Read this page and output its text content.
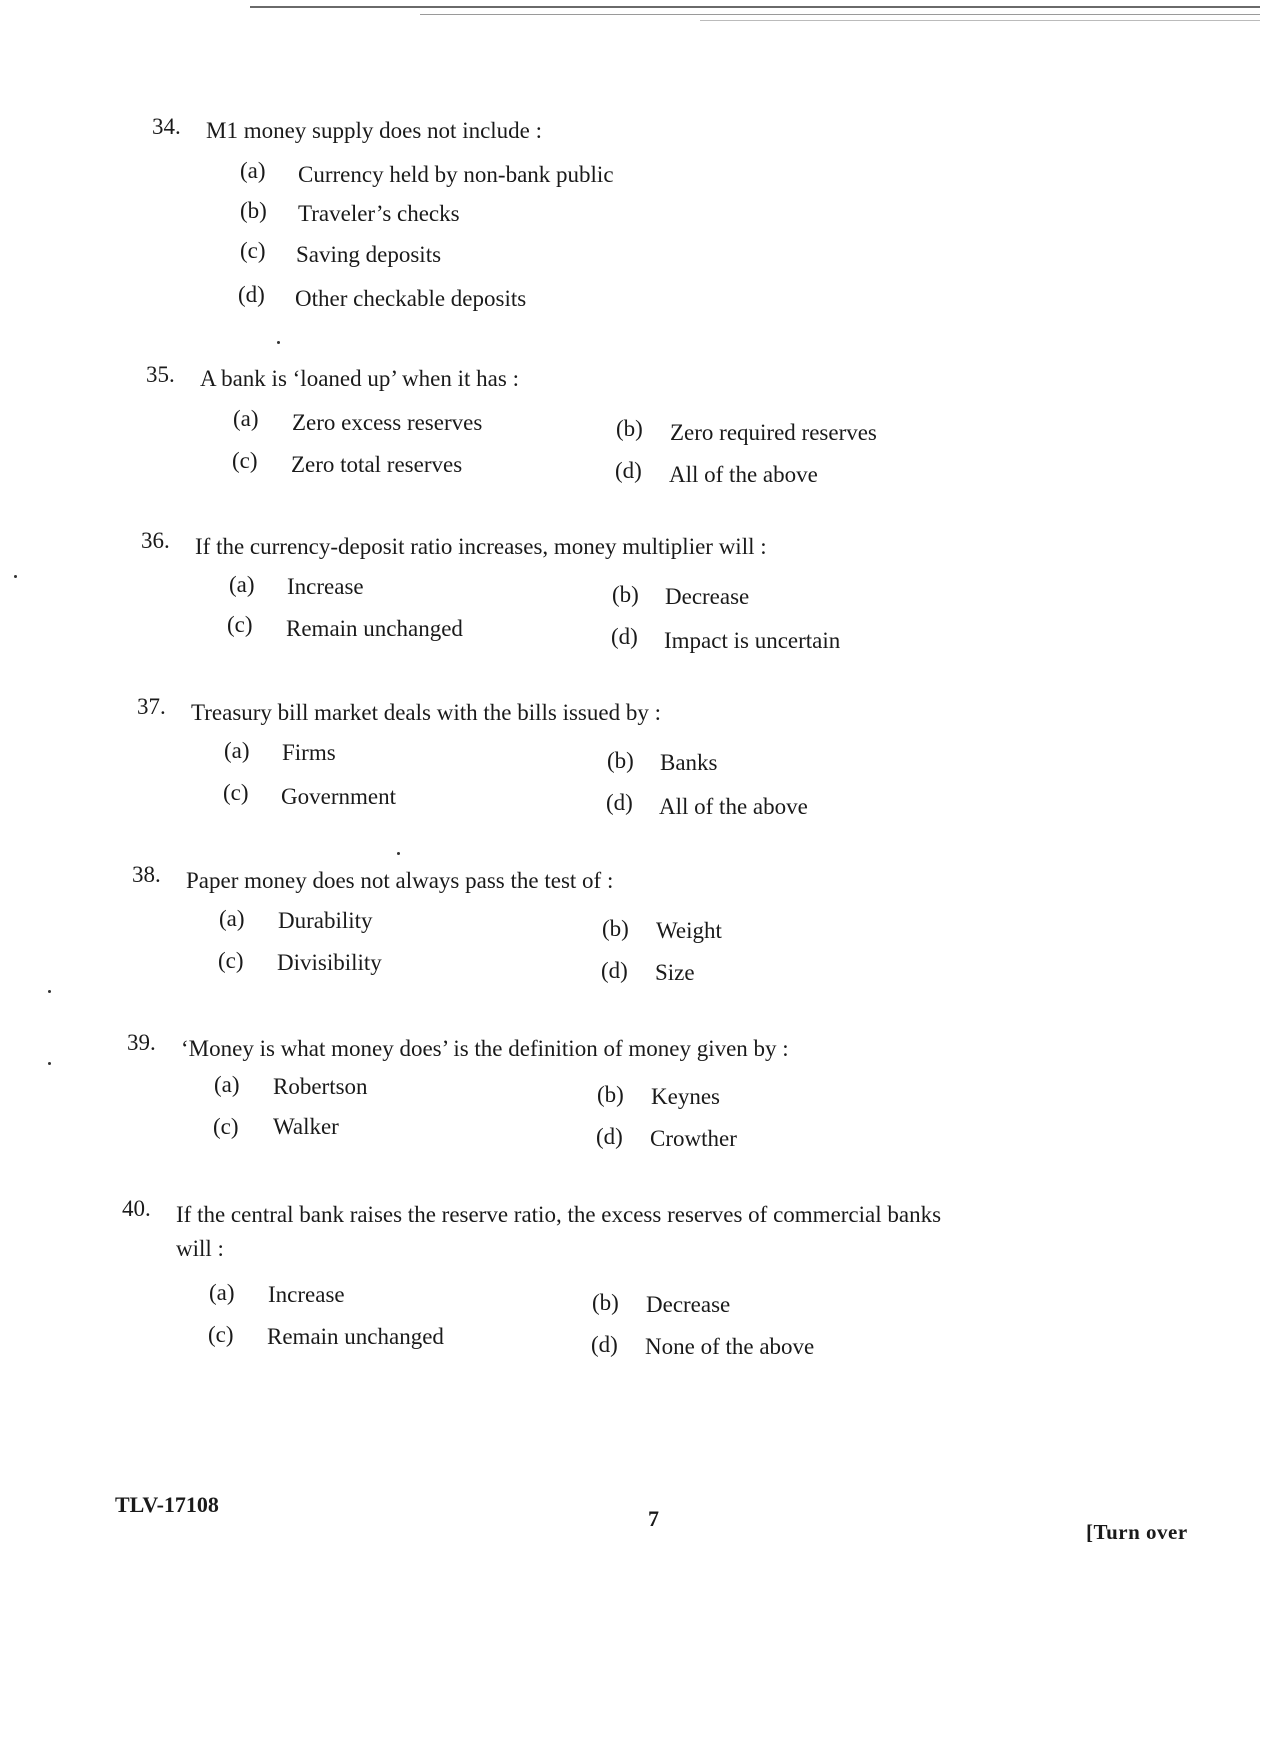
34. M1 money supply does not include :
(a) Currency held by non-bank public
(b) Traveler’s checks
(c) Saving deposits
(d) Other checkable deposits
35. A bank is ‘loaned up’ when it has :
(a) Zero excess reserves	(b) Zero required reserves
(c) Zero total reserves	(d) All of the above
36. If the currency-deposit ratio increases, money multiplier will :
(a) Increase	(b) Decrease
(c) Remain unchanged	(d) Impact is uncertain
37. Treasury bill market deals with the bills issued by :
(a) Firms	(b) Banks
(c) Government	(d) All of the above
38. Paper money does not always pass the test of :
(a) Durability	(b) Weight
(c) Divisibility	(d) Size
39. ‘Money is what money does’ is the definition of money given by :
(a) Robertson	(b) Keynes
(c) Walker	(d) Crowther
40. If the central bank raises the reserve ratio, the excess reserves of commercial banks
will :
(a) Increase	(b) Decrease
(c) Remain unchanged	(d) None of the above
TLV-17108
7
[Turn over
